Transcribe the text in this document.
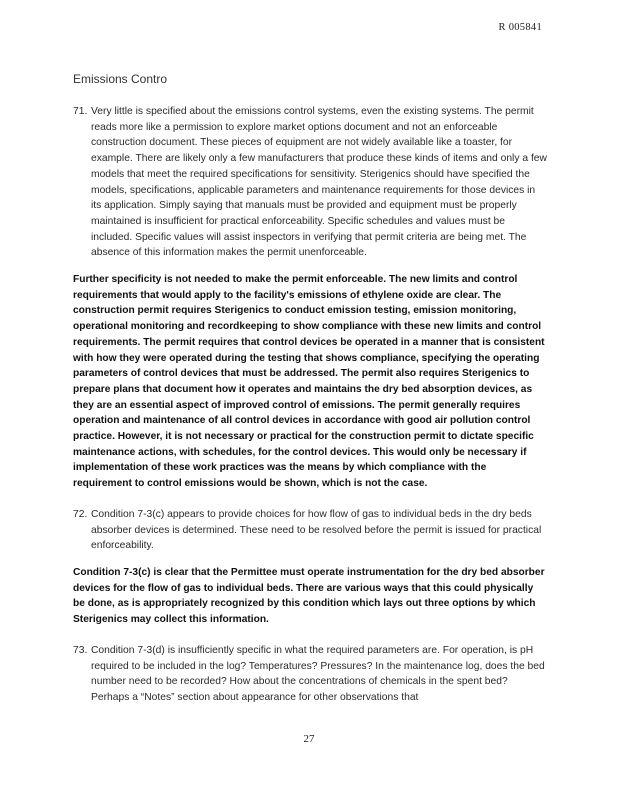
R 005841
Emissions Contro
71. Very little is specified about the emissions control systems, even the existing systems. The permit reads more like a permission to explore market options document and not an enforceable construction document. These pieces of equipment are not widely available like a toaster, for example. There are likely only a few manufacturers that produce these kinds of items and only a few models that meet the required specifications for sensitivity. Sterigenics should have specified the models, specifications, applicable parameters and maintenance requirements for those devices in its application. Simply saying that manuals must be provided and equipment must be properly maintained is insufficient for practical enforceability. Specific schedules and values must be included. Specific values will assist inspectors in verifying that permit criteria are being met. The absence of this information makes the permit unenforceable.

Further specificity is not needed to make the permit enforceable. The new limits and control requirements that would apply to the facility's emissions of ethylene oxide are clear. The construction permit requires Sterigenics to conduct emission testing, emission monitoring, operational monitoring and recordkeeping to show compliance with these new limits and control requirements. The permit requires that control devices be operated in a manner that is consistent with how they were operated during the testing that shows compliance, specifying the operating parameters of control devices that must be addressed. The permit also requires Sterigenics to prepare plans that document how it operates and maintains the dry bed absorption devices, as they are an essential aspect of improved control of emissions. The permit generally requires operation and maintenance of all control devices in accordance with good air pollution control practice. However, it is not necessary or practical for the construction permit to dictate specific maintenance actions, with schedules, for the control devices. This would only be necessary if implementation of these work practices was the means by which compliance with the requirement to control emissions would be shown, which is not the case.

72. Condition 7-3(c) appears to provide choices for how flow of gas to individual beds in the dry beds absorber devices is determined. These need to be resolved before the permit is issued for practical enforceability.

Condition 7-3(c) is clear that the Permittee must operate instrumentation for the dry bed absorber devices for the flow of gas to individual beds. There are various ways that this could physically be done, as is appropriately recognized by this condition which lays out three options by which Sterigenics may collect this information.

73. Condition 7-3(d) is insufficiently specific in what the required parameters are. For operation, is pH required to be included in the log? Temperatures? Pressures? In the maintenance log, does the bed number need to be recorded? How about the concentrations of chemicals in the spent bed? Perhaps a “Notes” section about appearance for other observations that
27
